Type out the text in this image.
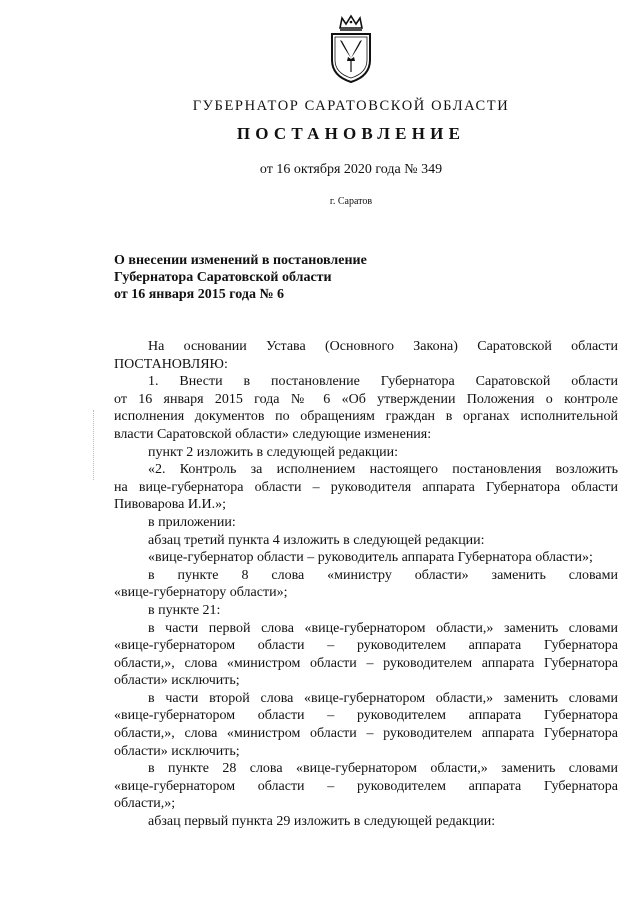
ГУБЕРНАТОР САРАТОВСКОЙ ОБЛАСТИ
ПОСТАНОВЛЕНИЕ
от 16 октября 2020 года № 349
г. Саратов
О внесении изменений в постановление
Губернатора Саратовской области
от 16 января 2015 года № 6
На основании Устава (Основного Закона) Саратовской области
ПОСТАНОВЛЯЮ:
1. Внести в постановление Губернатора Саратовской области
от 16 января 2015 года № 6 «Об утверждении Положения о контроле
исполнения документов по обращениям граждан в органах исполнительной
власти Саратовской области» следующие изменения:
пункт 2 изложить в следующей редакции:
«2. Контроль за исполнением настоящего постановления возложить
на вице-губернатора области – руководителя аппарата Губернатора области
Пивоварова И.И.»;
в приложении:
абзац третий пункта 4 изложить в следующей редакции:
«вице-губернатор области – руководитель аппарата Губернатора области»;
в пункте 8 слова «министру области» заменить словами
«вице-губернатору области»;
в пункте 21:
в части первой слова «вице-губернатором области,» заменить словами
«вице-губернатором области – руководителем аппарата Губернатора
области,», слова «министром области – руководителем аппарата Губернатора
области» исключить;
в части второй слова «вице-губернатором области,» заменить словами
«вице-губернатором области – руководителем аппарата Губернатора
области,», слова «министром области – руководителем аппарата Губернатора
области» исключить;
в пункте 28 слова «вице-губернатором области,» заменить словами
«вице-губернатором области – руководителем аппарата Губернатора
области,»;
абзац первый пункта 29 изложить в следующей редакции:
